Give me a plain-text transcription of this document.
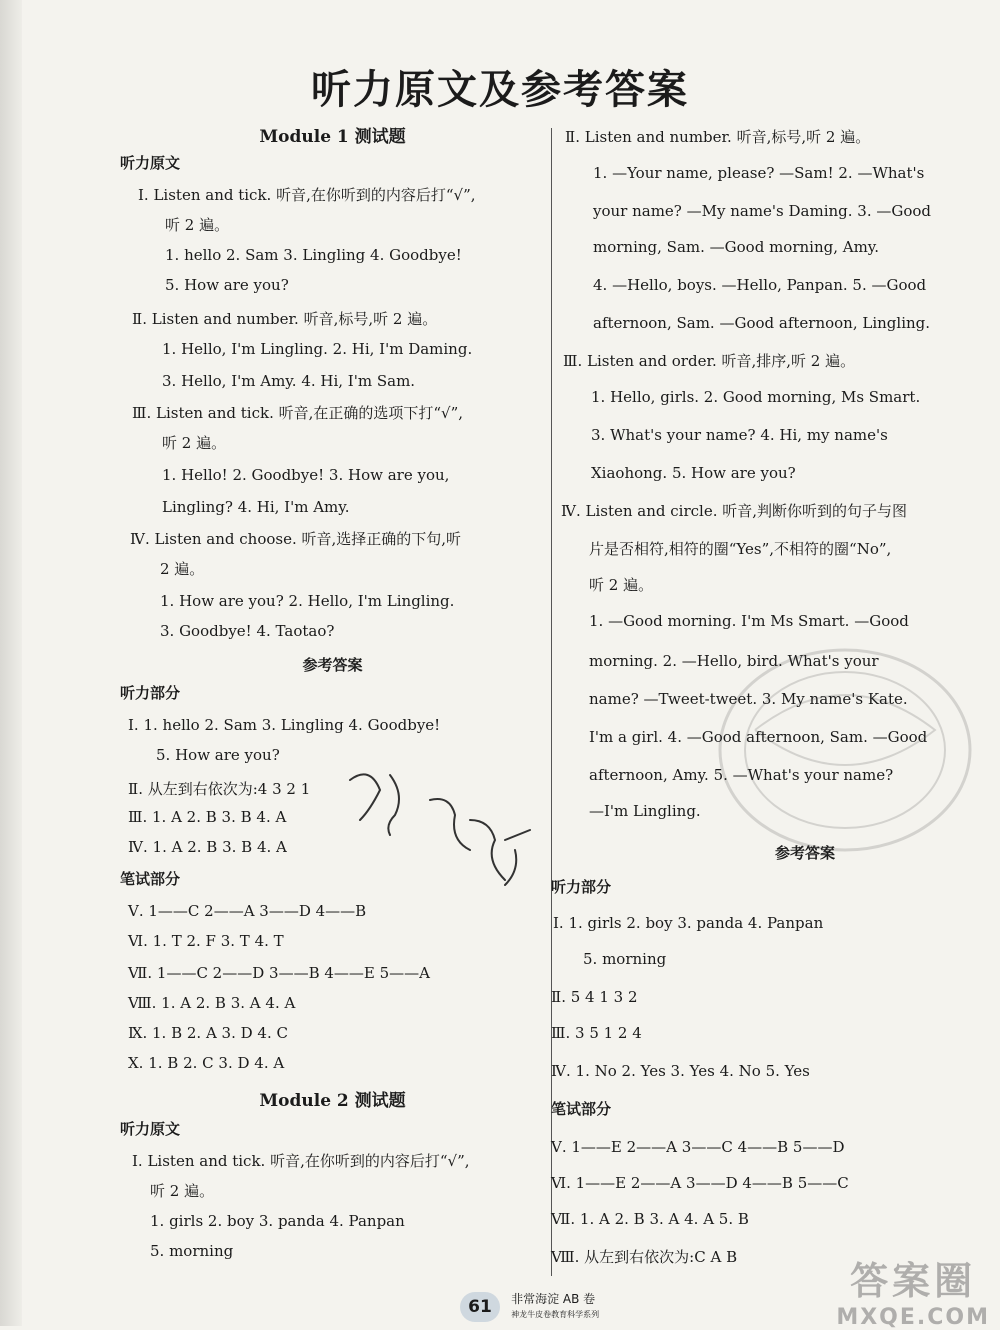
听力原文及参考答案
Module 1 测试题
听力原文
Ⅰ. Listen and tick. 听音,在你听到的内容后打“√”,
听 2 遍。
1. hello 2. Sam 3. Lingling 4. Goodbye!
5. How are you?
Ⅱ. Listen and number. 听音,标号,听 2 遍。
1. Hello, I'm Lingling. 2. Hi, I'm Daming.
3. Hello, I'm Amy. 4. Hi, I'm Sam.
Ⅲ. Listen and tick. 听音,在正确的选项下打“√”,
听 2 遍。
1. Hello! 2. Goodbye! 3. How are you,
Lingling? 4. Hi, I'm Amy.
Ⅳ. Listen and choose. 听音,选择正确的下句,听
2 遍。
1. How are you? 2. Hello, I'm Lingling.
3. Goodbye! 4. Taotao?
参考答案
听力部分
Ⅰ. 1. hello 2. Sam 3. Lingling 4. Goodbye!
5. How are you?
Ⅱ. 从左到右依次为:4 3 2 1
Ⅲ. 1. A 2. B 3. B 4. A
Ⅳ. 1. A 2. B 3. B 4. A
笔试部分
Ⅴ. 1——C 2——A 3——D 4——B
Ⅵ. 1. T 2. F 3. T 4. T
Ⅶ. 1——C 2——D 3——B 4——E 5——A
Ⅷ. 1. A 2. B 3. A 4. A
Ⅸ. 1. B 2. A 3. D 4. C
Ⅹ. 1. B 2. C 3. D 4. A
Module 2 测试题
听力原文
Ⅰ. Listen and tick. 听音,在你听到的内容后打“√”,
听 2 遍。
1. girls 2. boy 3. panda 4. Panpan
5. morning
Ⅱ. Listen and number. 听音,标号,听 2 遍。
1. —Your name, please? —Sam! 2. —What's
your name? —My name's Daming. 3. —Good
morning, Sam. —Good morning, Amy.
4. —Hello, boys. —Hello, Panpan. 5. —Good
afternoon, Sam. —Good afternoon, Lingling.
Ⅲ. Listen and order. 听音,排序,听 2 遍。
1. Hello, girls. 2. Good morning, Ms Smart.
3. What's your name? 4. Hi, my name's
Xiaohong. 5. How are you?
Ⅳ. Listen and circle. 听音,判断你听到的句子与图
片是否相符,相符的圈“Yes”,不相符的圈“No”,
听 2 遍。
1. —Good morning. I'm Ms Smart. —Good
morning. 2. —Hello, bird. What's your
name? —Tweet-tweet. 3. My name's Kate.
I'm a girl. 4. —Good afternoon, Sam. —Good
afternoon, Amy. 5. —What's your name?
—I'm Lingling.
参考答案
听力部分
Ⅰ. 1. girls 2. boy 3. panda 4. Panpan
5. morning
Ⅱ. 5 4 1 3 2
Ⅲ. 3 5 1 2 4
Ⅳ. 1. No 2. Yes 3. Yes 4. No 5. Yes
笔试部分
Ⅴ. 1——E 2——A 3——C 4——B 5——D
Ⅵ. 1——E 2——A 3——D 4——B 5——C
Ⅶ. 1. A 2. B 3. A 4. A 5. B
Ⅷ. 从左到右依次为:C A B
61 非常海淀 AB 卷
神龙牛皮卷教育科学系列
答案圈
MXQE.COM
